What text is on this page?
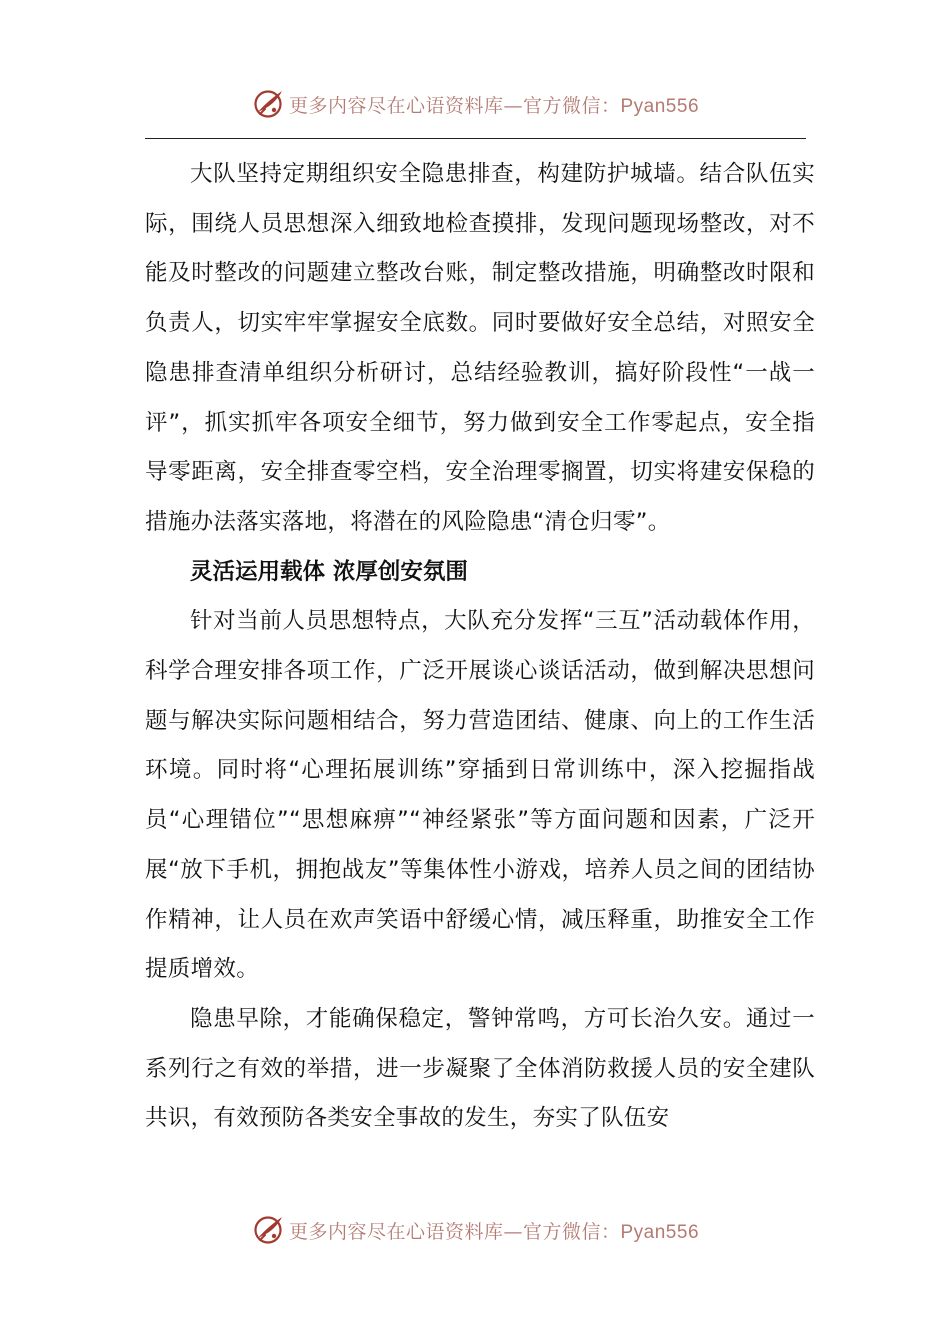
更多内容尽在心语资料库—官方微信：Pyan556

大队坚持定期组织安全隐患排查，构建防护城墙。结合队伍实际，围绕人员思想深入细致地检查摸排，发现问题现场整改，对不能及时整改的问题建立整改台账，制定整改措施，明确整改时限和负责人，切实牢牢掌握安全底数。同时要做好安全总结，对照安全隐患排查清单组织分析研讨，总结经验教训，搞好阶段性“一战一评”，抓实抓牢各项安全细节，努力做到安全工作零起点，安全指导零距离，安全排查零空档，安全治理零搁置，切实将建安保稳的措施办法落实落地，将潜在的风险隐患“清仓归零”。

灵活运用载体 浓厚创安氛围

针对当前人员思想特点，大队充分发挥“三互”活动载体作用，科学合理安排各项工作，广泛开展谈心谈话活动，做到解决思想问题与解决实际问题相结合，努力营造团结、健康、向上的工作生活环境。同时将“心理拓展训练”穿插到日常训练中，深入挖掘指战员“心理错位”“思想麻痹”“神经紧张”等方面问题和因素，广泛开展“放下手机，拥抱战友”等集体性小游戏，培养人员之间的团结协作精神，让人员在欢声笑语中舒缓心情，减压释重，助推安全工作提质增效。

隐患早除，才能确保稳定，警钟常鸣，方可长治久安。通过一系列行之有效的举措，进一步凝聚了全体消防救援人员的安全建队共识，有效预防各类安全事故的发生，夯实了队伍安

更多内容尽在心语资料库—官方微信：Pyan556
